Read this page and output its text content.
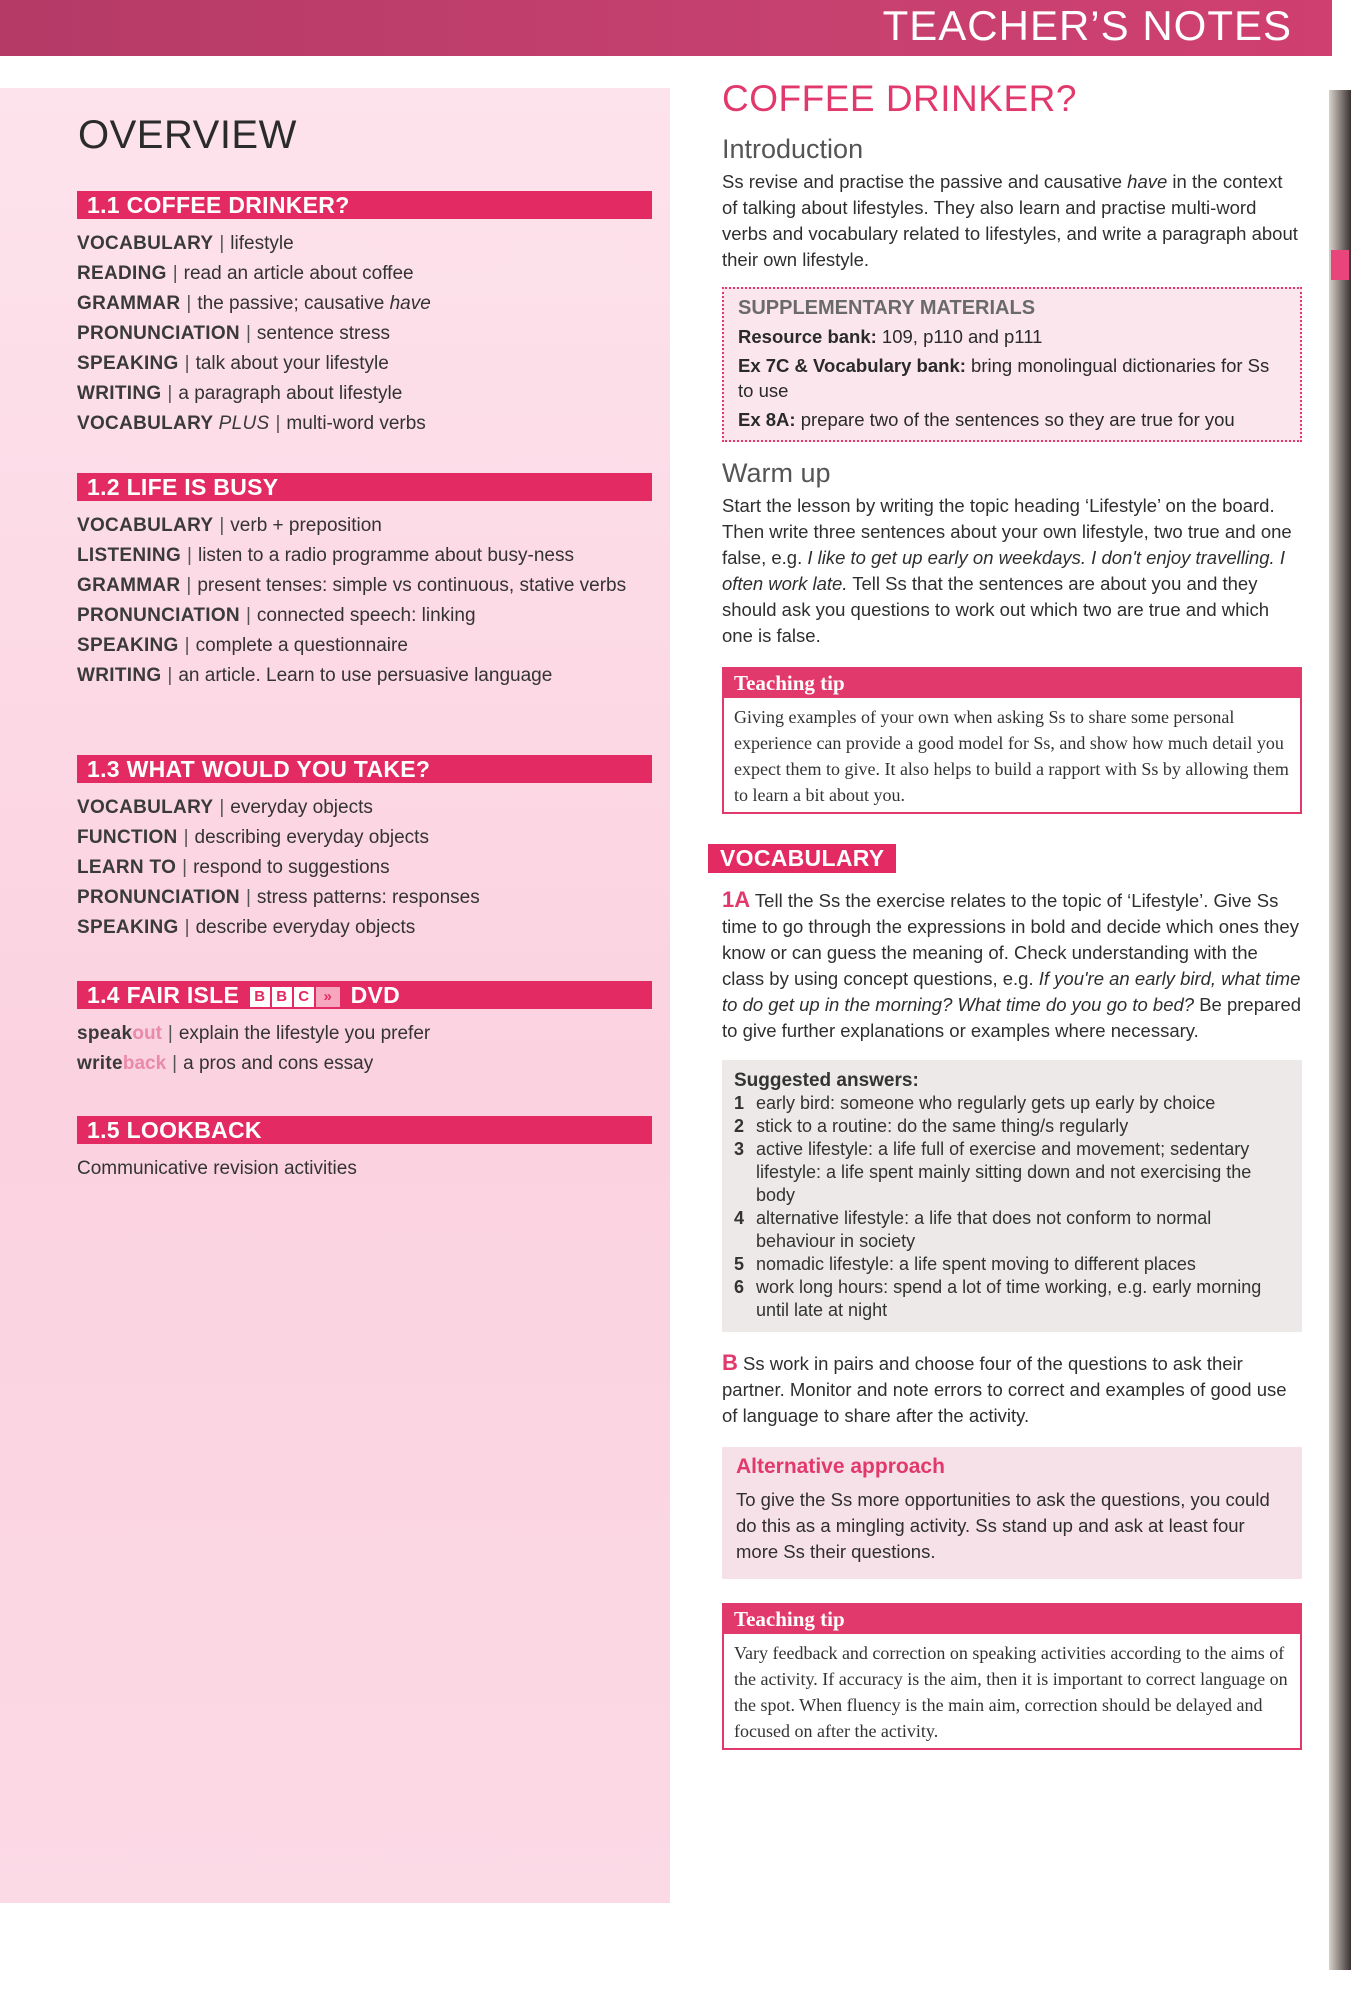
TEACHER’S NOTES
OVERVIEW
1.1 COFFEE DRINKER?
VOCABULARY | lifestyle
READING | read an article about coffee
GRAMMAR | the passive; causative have
PRONUNCIATION | sentence stress
SPEAKING | talk about your lifestyle
WRITING | a paragraph about lifestyle
VOCABULARY PLUS | multi-word verbs
1.2 LIFE IS BUSY
VOCABULARY | verb + preposition
LISTENING | listen to a radio programme about busy-ness
GRAMMAR | present tenses: simple vs continuous, stative verbs
PRONUNCIATION | connected speech: linking
SPEAKING | complete a questionnaire
WRITING | an article. Learn to use persuasive language
1.3 WHAT WOULD YOU TAKE?
VOCABULARY | everyday objects
FUNCTION | describing everyday objects
LEARN TO | respond to suggestions
PRONUNCIATION | stress patterns: responses
SPEAKING | describe everyday objects
1.4 FAIR ISLE B B C » DVD
speakout | explain the lifestyle you prefer
writeback | a pros and cons essay
1.5 LOOKBACK
Communicative revision activities
COFFEE DRINKER?
Introduction
Ss revise and practise the passive and causative have in the context of talking about lifestyles. They also learn and practise multi-word verbs and vocabulary related to lifestyles, and write a paragraph about their own lifestyle.
SUPPLEMENTARY MATERIALS
Resource bank: 109, p110 and p111
Ex 7C & Vocabulary bank: bring monolingual dictionaries for Ss to use
Ex 8A: prepare two of the sentences so they are true for you
Warm up
Start the lesson by writing the topic heading ‘Lifestyle’ on the board. Then write three sentences about your own lifestyle, two true and one false, e.g. I like to get up early on weekdays. I don't enjoy travelling. I often work late. Tell Ss that the sentences are about you and they should ask you questions to work out which two are true and which one is false.
Teaching tip
Giving examples of your own when asking Ss to share some personal experience can provide a good model for Ss, and show how much detail you expect them to give. It also helps to build a rapport with Ss by allowing them to learn a bit about you.
VOCABULARY
1A Tell the Ss the exercise relates to the topic of ‘Lifestyle’. Give Ss time to go through the expressions in bold and decide which ones they know or can guess the meaning of. Check understanding with the class by using concept questions, e.g. If you're an early bird, what time to do get up in the morning? What time do you go to bed? Be prepared to give further explanations or examples where necessary.
Suggested answers:
1 early bird: someone who regularly gets up early by choice
2 stick to a routine: do the same thing/s regularly
3 active lifestyle: a life full of exercise and movement; sedentary lifestyle: a life spent mainly sitting down and not exercising the body
4 alternative lifestyle: a life that does not conform to normal behaviour in society
5 nomadic lifestyle: a life spent moving to different places
6 work long hours: spend a lot of time working, e.g. early morning until late at night
B Ss work in pairs and choose four of the questions to ask their partner. Monitor and note errors to correct and examples of good use of language to share after the activity.
Alternative approach
To give the Ss more opportunities to ask the questions, you could do this as a mingling activity. Ss stand up and ask at least four more Ss their questions.
Teaching tip
Vary feedback and correction on speaking activities according to the aims of the activity. If accuracy is the aim, then it is important to correct language on the spot. When fluency is the main aim, correction should be delayed and focused on after the activity.
